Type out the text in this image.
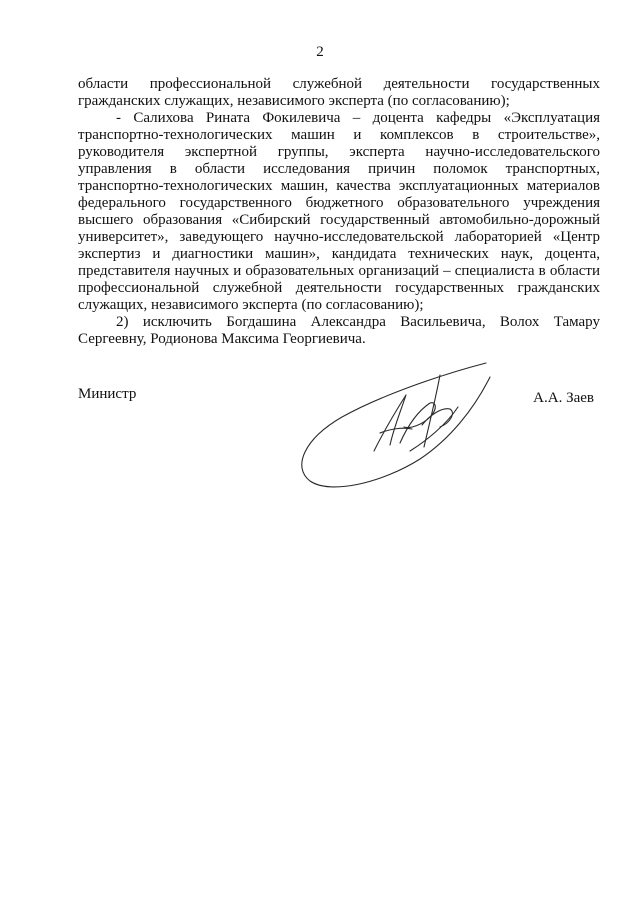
2

области профессиональной служебной деятельности государственных гражданских служащих, независимого эксперта (по согласованию);

- Салихова Рината Фокилевича – доцента кафедры «Эксплуатация транспортно-технологических машин и комплексов в строительстве», руководителя экспертной группы, эксперта научно-исследовательского управления в области исследования причин поломок транспортных, транспортно-технологических машин, качества эксплуатационных материалов федерального государственного бюджетного образовательного учреждения высшего образования «Сибирский государственный автомобильно-дорожный университет», заведующего научно-исследовательской лабораторией «Центр экспертиз и диагностики машин», кандидата технических наук, доцента, представителя научных и образовательных организаций – специалиста в области профессиональной служебной деятельности государственных гражданских служащих, независимого эксперта (по согласованию);

2) исключить Богдашина Александра Васильевича, Волох Тамару Сергеевну, Родионова Максима Георгиевича.

Министр	А.А. Заев
